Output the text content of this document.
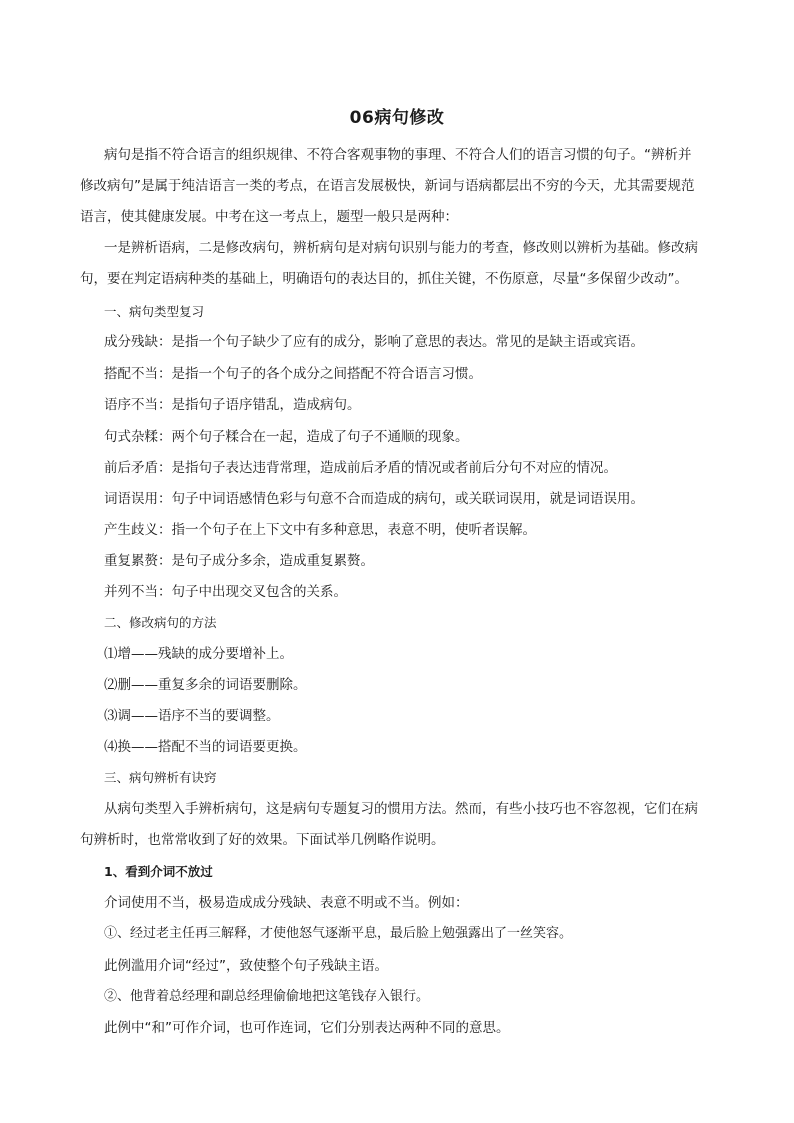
06病句修改
病句是指不符合语言的组织规律、不符合客观事物的事理、不符合人们的语言习惯的句子。“辨析并
修改病句”是属于纯洁语言一类的考点，在语言发展极快，新词与语病都层出不穷的今天，尤其需要规范
语言，使其健康发展。中考在这一考点上，题型一般只是两种：
一是辨析语病，二是修改病句，辨析病句是对病句识别与能力的考查，修改则以辨析为基础。修改病
句，要在判定语病种类的基础上，明确语句的表达目的，抓住关键，不伤原意，尽量“多保留少改动”。
一、病句类型复习
成分残缺：是指一个句子缺少了应有的成分，影响了意思的表达。常见的是缺主语或宾语。
搭配不当：是指一个句子的各个成分之间搭配不符合语言习惯。
语序不当：是指句子语序错乱，造成病句。
句式杂糅：两个句子糅合在一起，造成了句子不通顺的现象。
前后矛盾：是指句子表达违背常理，造成前后矛盾的情况或者前后分句不对应的情况。
词语误用：句子中词语感情色彩与句意不合而造成的病句，或关联词误用，就是词语误用。
产生歧义：指一个句子在上下文中有多种意思，表意不明，使听者误解。
重复累赘：是句子成分多余，造成重复累赘。
并列不当：句子中出现交叉包含的关系。
二、修改病句的方法
⑴增——残缺的成分要增补上。
⑵删——重复多余的词语要删除。
⑶调——语序不当的要调整。
⑷换——搭配不当的词语要更换。
三、病句辨析有诀窍
从病句类型入手辨析病句，这是病句专题复习的惯用方法。然而，有些小技巧也不容忽视，它们在病
句辨析时，也常常收到了好的效果。下面试举几例略作说明。
1、看到介词不放过
介词使用不当，极易造成成分残缺、表意不明或不当。例如：
①、经过老主任再三解释，才使他怒气逐渐平息，最后脸上勉强露出了一丝笑容。
此例滥用介词“经过”，致使整个句子残缺主语。
②、他背着总经理和副总经理偷偷地把这笔钱存入银行。
此例中“和”可作介词，也可作连词，它们分别表达两种不同的意思。
